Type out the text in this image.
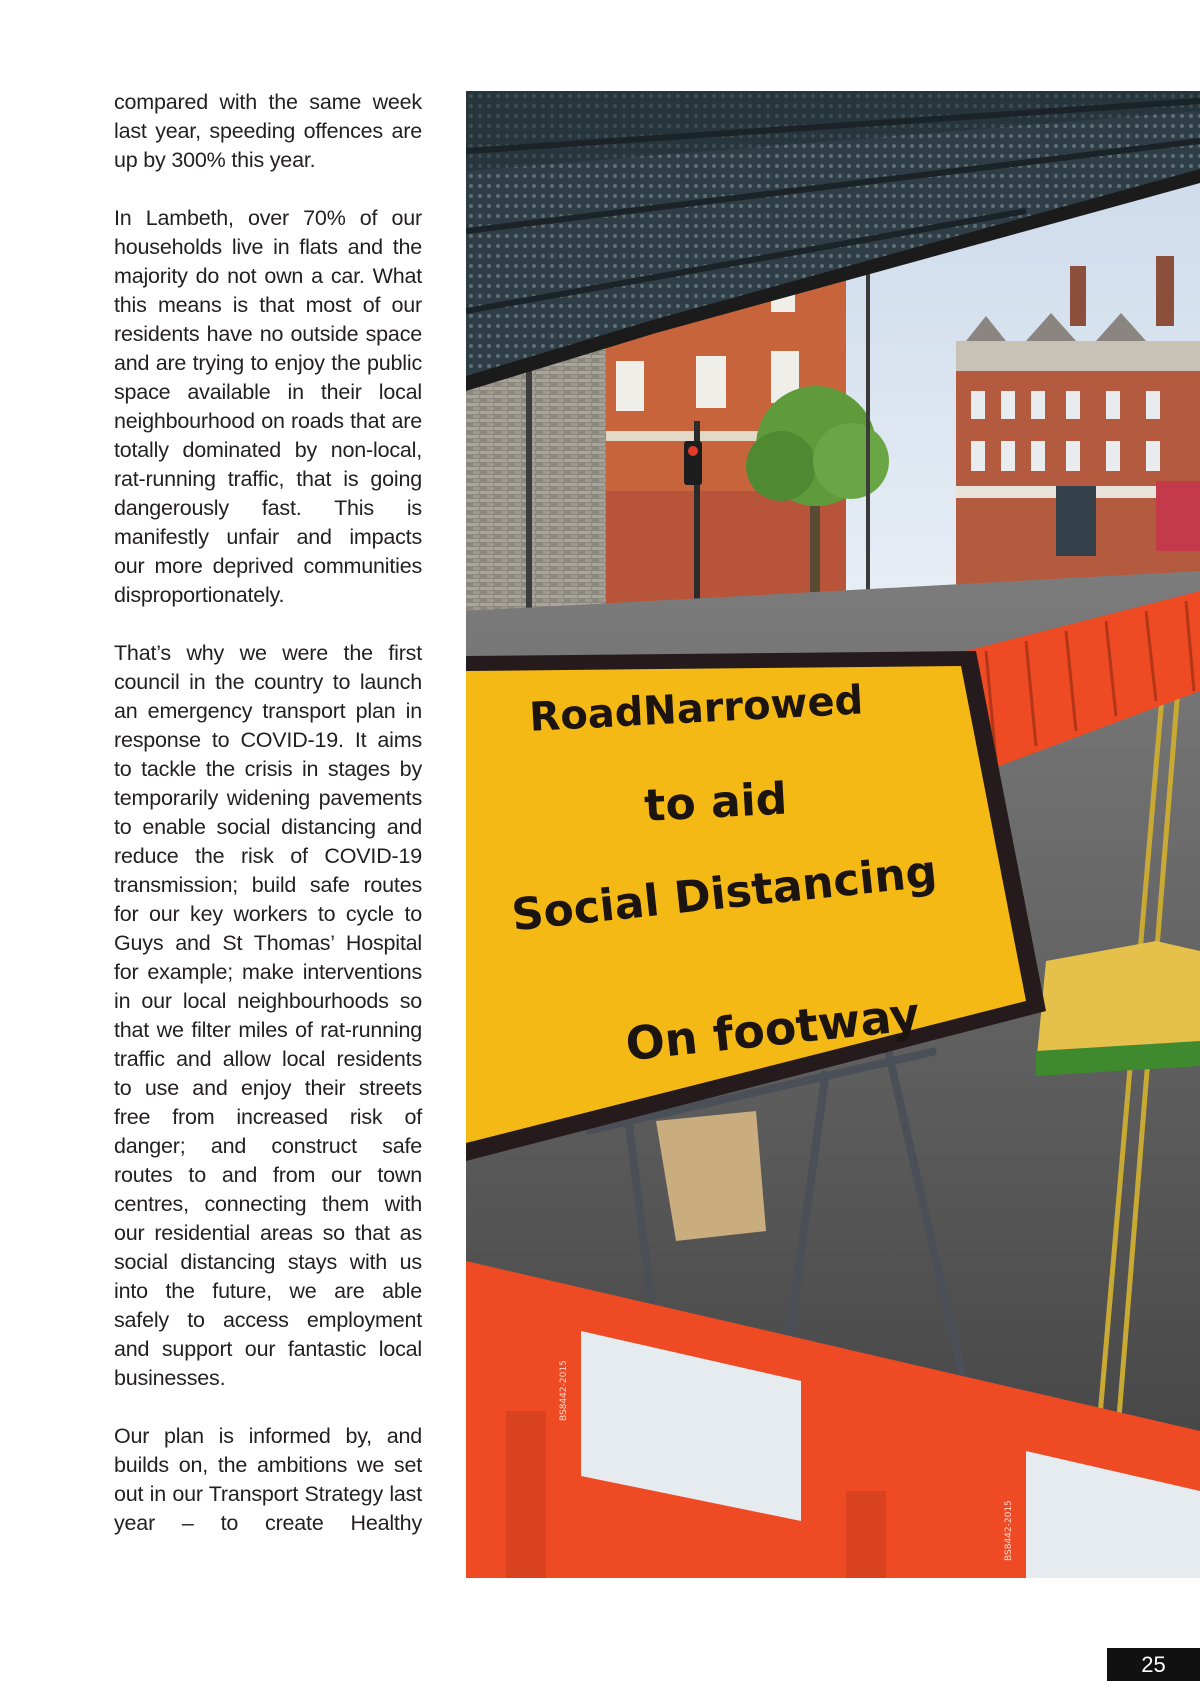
compared with the same week last year, speeding offences are up by 300% this year.

In Lambeth, over 70% of our households live in flats and the majority do not own a car. What this means is that most of our residents have no outside space and are trying to enjoy the public space available in their local neighbourhood on roads that are totally dominated by non-local, rat-running traffic, that is going dangerously fast. This is manifestly unfair and impacts our more deprived communities disproportionately.

That’s why we were the first council in the country to launch an emergency transport plan in response to COVID-19. It aims to tackle the crisis in stages by temporarily widening pavements to enable social distancing and reduce the risk of COVID-19 transmission; build safe routes for our key workers to cycle to Guys and St Thomas’ Hospital for example; make interventions in our local neighbourhoods so that we filter miles of rat-running traffic and allow local residents to use and enjoy their streets free from increased risk of danger; and construct safe routes to and from our town centres, connecting them with our residential areas so that as social distancing stays with us into the future, we are able safely to access employment and support our fantastic local businesses.

Our plan is informed by, and builds on, the ambitions we set out in our Transport Strategy last year – to create Healthy

RoadNarrowed
to aid
Social Distancing
On footway
BS8442-2015
BS8442-2015
25
